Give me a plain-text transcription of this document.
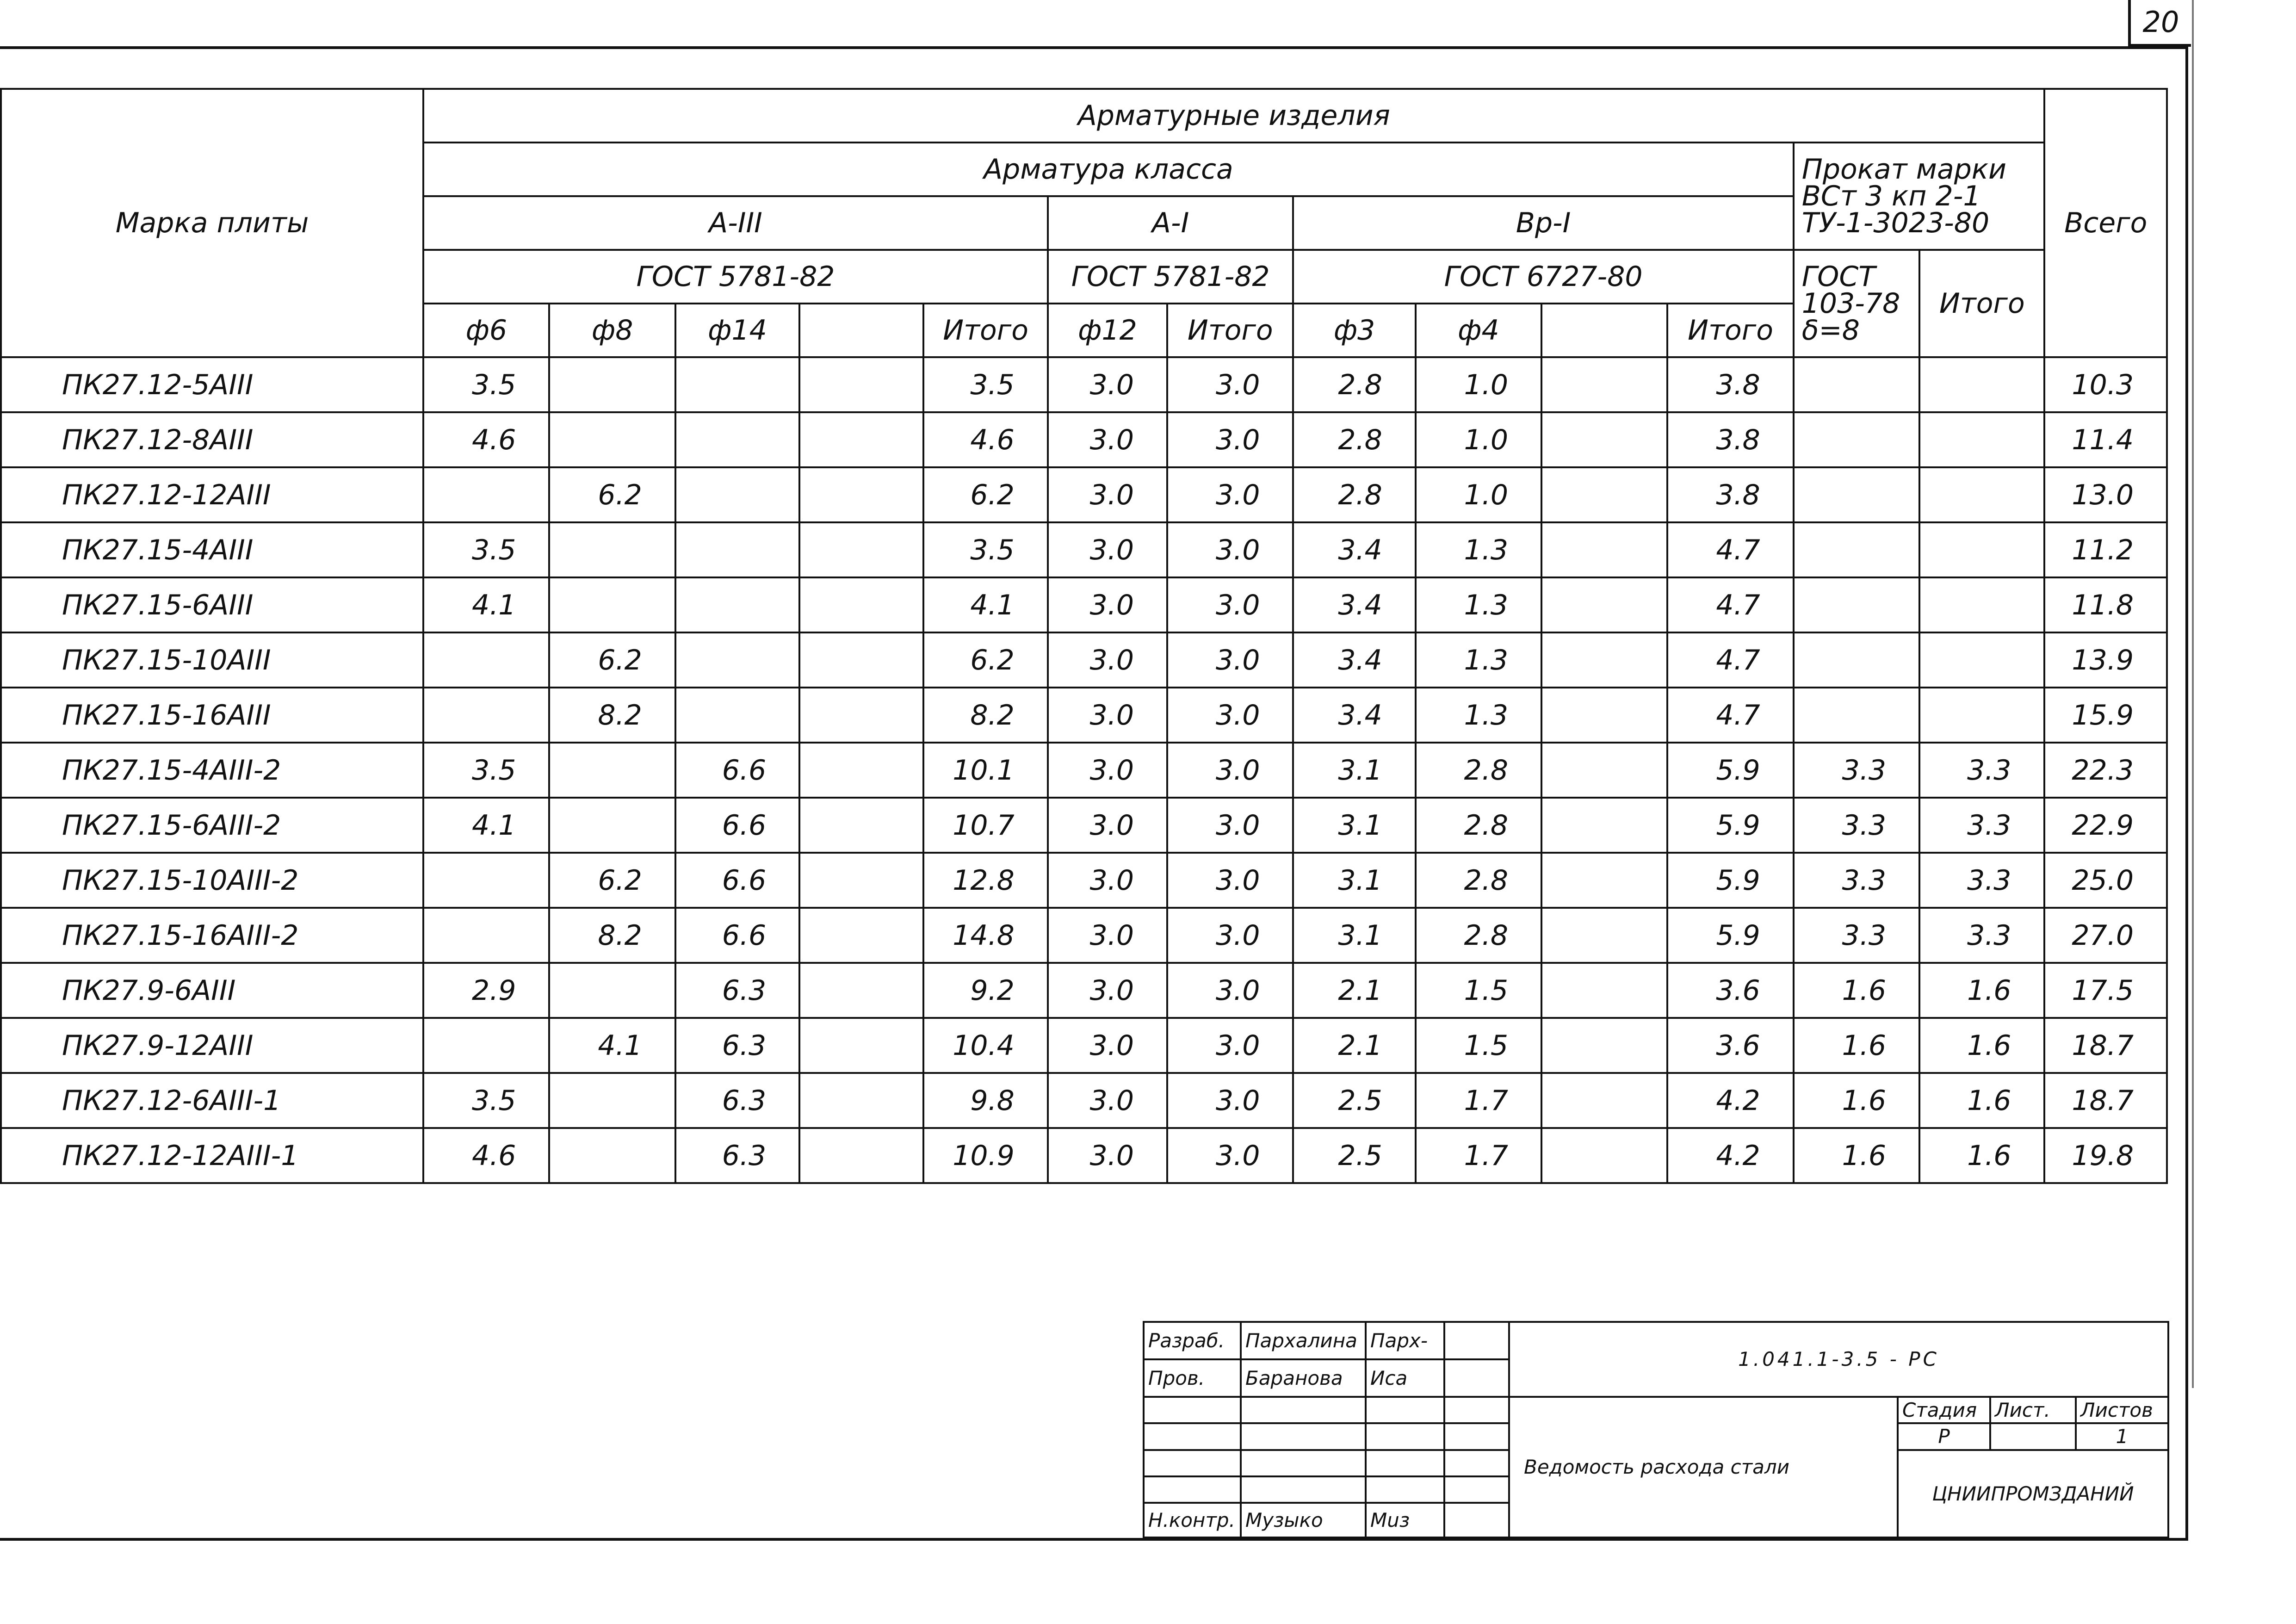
20
Марка плиты	Арматурные изделия													Всего
	Арматура класса											Прокат марки ВСт 3 кп 2-1 ТУ-1-3023-80		
	A-III					A-I		Вр-I						
	ГОСТ 5781-82					ГОСТ 5781-82		ГОСТ 6727-80				ГОСТ 103-78 δ=8	Итого	
	ф6	ф8	ф14		Итого	ф12	Итого	ф3	ф4		Итого			
ПК27.12-5АIII	3.5				3.5	3.0	3.0	2.8	1.0		3.8			10.3
ПК27.12-8АIII	4.6				4.6	3.0	3.0	2.8	1.0		3.8			11.4
ПК27.12-12АIII		6.2			6.2	3.0	3.0	2.8	1.0		3.8			13.0
ПК27.15-4АIII	3.5				3.5	3.0	3.0	3.4	1.3		4.7			11.2
ПК27.15-6АIII	4.1				4.1	3.0	3.0	3.4	1.3		4.7			11.8
ПК27.15-10АIII		6.2			6.2	3.0	3.0	3.4	1.3		4.7			13.9
ПК27.15-16АIII		8.2			8.2	3.0	3.0	3.4	1.3		4.7			15.9
ПК27.15-4АIII-2	3.5		6.6		10.1	3.0	3.0	3.1	2.8		5.9	3.3	3.3	22.3
ПК27.15-6АIII-2	4.1		6.6		10.7	3.0	3.0	3.1	2.8		5.9	3.3	3.3	22.9
ПК27.15-10АIII-2		6.2	6.6		12.8	3.0	3.0	3.1	2.8		5.9	3.3	3.3	25.0
ПК27.15-16АIII-2		8.2	6.6		14.8	3.0	3.0	3.1	2.8		5.9	3.3	3.3	27.0
ПК27.9-6АIII	2.9		6.3		9.2	3.0	3.0	2.1	1.5		3.6	1.6	1.6	17.5
ПК27.9-12АIII		4.1	6.3		10.4	3.0	3.0	2.1	1.5		3.6	1.6	1.6	18.7
ПК27.12-6АIII-1	3.5		6.3		9.8	3.0	3.0	2.5	1.7		4.2	1.6	1.6	18.7
ПК27.12-12АIII-1	4.6		6.3		10.9	3.0	3.0	2.5	1.7		4.2	1.6	1.6	19.8
Разраб.	Пархалина	Парх-		1.041.1-3.5 - РС			
Пров.	Баранова	Иса					
				Ведомость расхода стали	Стадия	Лист.	Листов
					Р		1
					ЦНИИПРОМЗДАНИЙ		

Н.контр.	Музыко	Muз					
